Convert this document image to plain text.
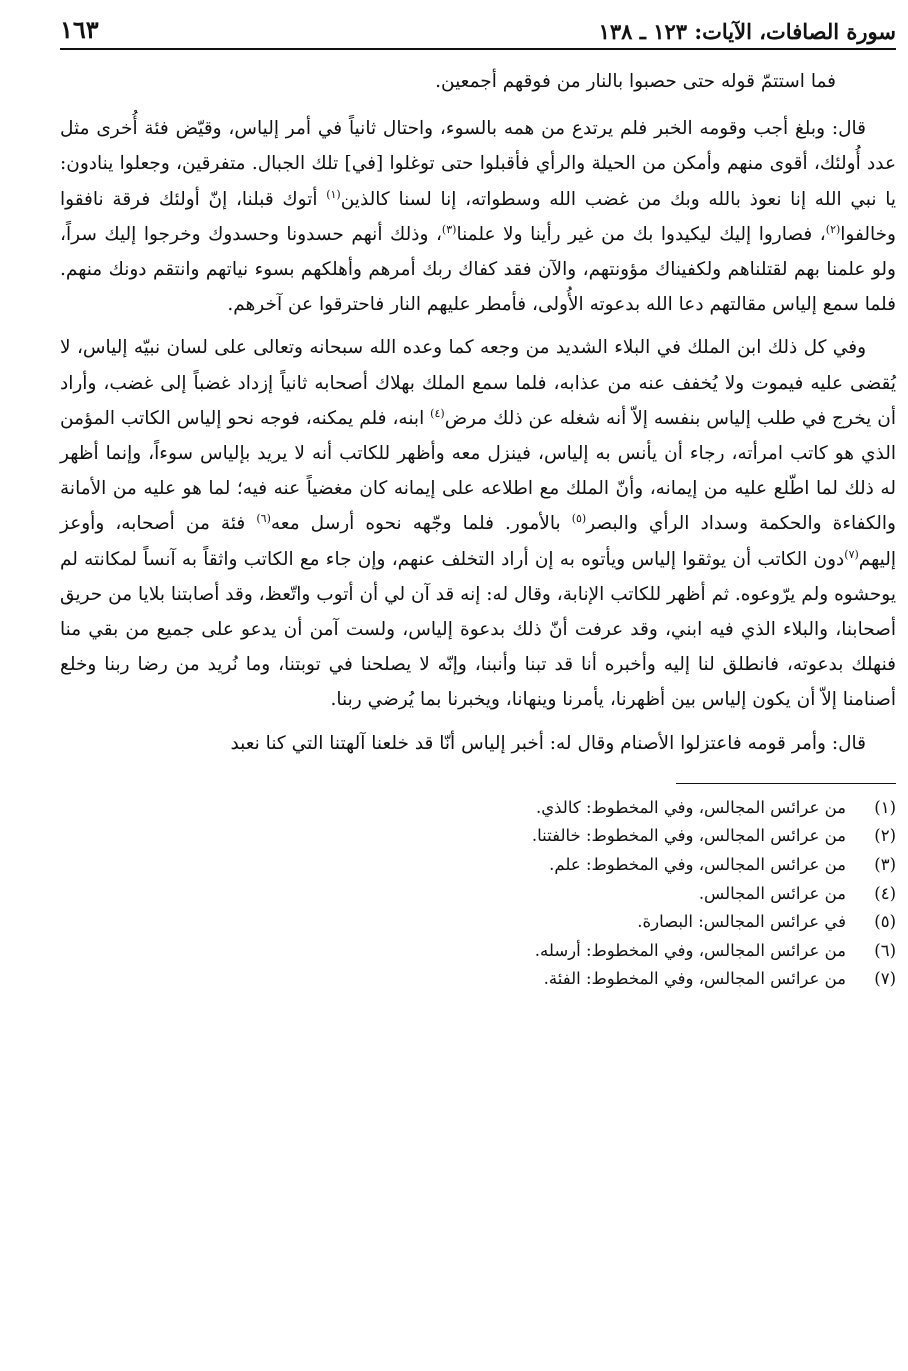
سورة الصافات، الآيات: ١٢٣ ـ ١٣٨
١٦٣

فما استتمّ قوله حتى حصبوا بالنار من فوقهم أجمعين.

قال: وبلغ أجب وقومه الخبر فلم يرتدع من همه بالسوء، واحتال ثانياً في أمر إلياس، وقيّض فئة أُخرى مثل عدد أُولئك، أقوى منهم وأمكن من الحيلة والرأي فأقبلوا حتى توغلوا [في] تلك الجبال. متفرقين، وجعلوا ينادون: يا نبي الله إنا نعوذ بالله وبك من غضب الله وسطواته، إنا لسنا كالذين$^{(١)}$ أتوك قبلنا، إنّ أولئك فرقة نافقوا وخالفوا$^{(٢)}$، فصاروا إليك ليكيدوا بك من غير رأينا ولا علمنا$^{(٣)}$، وذلك أنهم حسدونا وحسدوك وخرجوا إليك سراً، ولو علمنا بهم لقتلناهم ولكفيناك مؤونتهم، والآن فقد كفاك ربك أمرهم وأهلكهم بسوء نياتهم وانتقم دونك منهم. فلما سمع إلياس مقالتهم دعا الله بدعوته الأُولى، فأمطر عليهم النار فاحترقوا عن آخرهم.

وفي كل ذلك ابن الملك في البلاء الشديد من وجعه كما وعده الله سبحانه وتعالى على لسان نبيّه إلياس، لا يُقضى عليه فيموت ولا يُخفف عنه من عذابه، فلما سمع الملك بهلاك أصحابه ثانياً إزداد غضباً إلى غضب، وأراد أن يخرج في طلب إلياس بنفسه إلاّ أنه شغله عن ذلك مرض$^{(٤)}$ ابنه، فلم يمكنه، فوجه نحو إلياس الكاتب المؤمن الذي هو كاتب امرأته، رجاء أن يأنس به إلياس، فينزل معه وأظهر للكاتب أنه لا يريد بإلياس سوءاً، وإنما أظهر له ذلك لما اطّلع عليه من إيمانه، وأنّ الملك مع اطلاعه على إيمانه كان مغضياً عنه فيه؛ لما هو عليه من الأمانة والكفاءة والحكمة وسداد الرأي والبصر$^{(٥)}$ بالأمور. فلما وجّهه نحوه أرسل معه$^{(٦)}$ فئة من أصحابه، وأوعز إليهم$^{(٧)}$دون الكاتب أن يوثقوا إلياس ويأتوه به إن أراد التخلف عنهم، وإن جاء مع الكاتب واثقاً به آنساً لمكانته لم يوحشوه ولم يرّوعوه. ثم أظهر للكاتب الإنابة، وقال له: إنه قد آن لي أن أتوب واتّعظ، وقد أصابتنا بلايا من حريق أصحابنا، والبلاء الذي فيه ابني، وقد عرفت أنّ ذلك بدعوة إلياس، ولست آمن أن يدعو على جميع من بقي منا فنهلك بدعوته، فانطلق لنا إليه وأخبره أنا قد تبنا وأنبنا، وإنّه لا يصلحنا في توبتنا، وما نُريد من رضا ربنا وخلع أصنامنا إلاّ أن يكون إلياس بين أظهرنا، يأمرنا وينهانا، ويخبرنا بما يُرضي ربنا.

قال: وأمر قومه فاعتزلوا الأصنام وقال له: أخبر إلياس أنّا قد خلعنا آلهتنا التي كنا نعبد

(١)
من عرائس المجالس، وفي المخطوط: كالذي.
(٢)
من عرائس المجالس، وفي المخطوط: خالفتنا.
(٣)
من عرائس المجالس، وفي المخطوط: علم.
(٤)
من عرائس المجالس.
(٥)
في عرائس المجالس: البصارة.
(٦)
من عرائس المجالس، وفي المخطوط: أرسله.
(٧)
من عرائس المجالس، وفي المخطوط: الفئة.
